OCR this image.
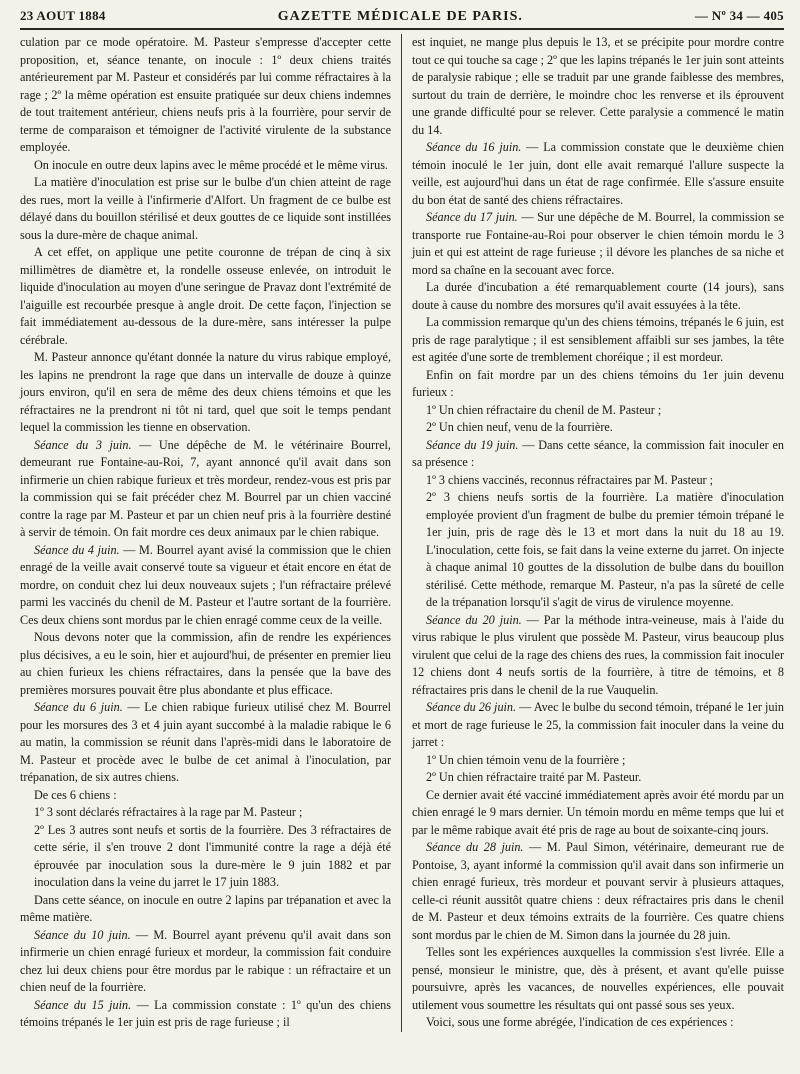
23 AOUT 1884	GAZETTE MÉDICALE DE PARIS.	— Nº 34 — 405

culation par ce mode opératoire. M. Pasteur s'empresse d'accepter cette proposition, et, séance tenante, on inocule : 1º deux chiens traités antérieurement par M. Pasteur et considérés par lui comme réfractaires à la rage ; 2º la même opération est ensuite pratiquée sur deux chiens indemnes de tout traitement antérieur, chiens neufs pris à la fourrière, pour servir de terme de comparaison et témoigner de l'activité virulente de la substance employée.

On inocule en outre deux lapins avec le même procédé et le même virus.

La matière d'inoculation est prise sur le bulbe d'un chien atteint de rage des rues, mort la veille à l'infirmerie d'Alfort. Un fragment de ce bulbe est délayé dans du bouillon stérilisé et deux gouttes de ce liquide sont instillées sous la dure-mère de chaque animal.

A cet effet, on applique une petite couronne de trépan de cinq à six millimètres de diamètre et, la rondelle osseuse enlevée, on introduit le liquide d'inoculation au moyen d'une seringue de Pravaz dont l'extrémité de l'aiguille est recourbée presque à angle droit. De cette façon, l'injection se fait immédiatement au-dessous de la dure-mère, sans intéresser la pulpe cérébrale.

M. Pasteur annonce qu'étant donnée la nature du virus rabique employé, les lapins ne prendront la rage que dans un intervalle de douze à quinze jours environ, qu'il en sera de même des deux chiens témoins et que les réfractaires ne la prendront ni tôt ni tard, quel que soit le temps pendant lequel la commission les tienne en observation.

Séance du 3 juin. — Une dépêche de M. le vétérinaire Bourrel, demeurant rue Fontaine-au-Roi, 7, ayant annoncé qu'il avait dans son infirmerie un chien rabique furieux et très mordeur, rendez-vous est pris par la commission qui se fait précéder chez M. Bourrel par un chien vacciné contre la rage par M. Pasteur et par un chien neuf pris à la fourrière destiné à servir de témoin. On fait mordre ces deux animaux par le chien rabique.

Séance du 4 juin. — M. Bourrel ayant avisé la commission que le chien enragé de la veille avait conservé toute sa vigueur et était encore en état de mordre, on conduit chez lui deux nouveaux sujets ; l'un réfractaire prélevé parmi les vaccinés du chenil de M. Pasteur et l'autre sortant de la fourrière. Ces deux chiens sont mordus par le chien enragé comme ceux de la veille.

Nous devons noter que la commission, afin de rendre les expériences plus décisives, a eu le soin, hier et aujourd'hui, de présenter en premier lieu au chien furieux les chiens réfractaires, dans la pensée que la bave des premières morsures pouvait être plus abondante et plus efficace.

Séance du 6 juin. — Le chien rabique furieux utilisé chez M. Bourrel pour les morsures des 3 et 4 juin ayant succombé à la maladie rabique le 6 au matin, la commission se réunit dans l'après-midi dans le laboratoire de M. Pasteur et procède avec le bulbe de cet animal à l'inoculation, par trépanation, de six autres chiens.

De ces 6 chiens :

1º 3 sont déclarés réfractaires à la rage par M. Pasteur ;

2º Les 3 autres sont neufs et sortis de la fourrière. Des 3 réfractaires de cette série, il s'en trouve 2 dont l'immunité contre la rage a déjà été éprouvée par inoculation sous la dure-mère le 9 juin 1882 et par inoculation dans la veine du jarret le 17 juin 1883.

Dans cette séance, on inocule en outre 2 lapins par trépanation et avec la même matière.

Séance du 10 juin. — M. Bourrel ayant prévenu qu'il avait dans son infirmerie un chien enragé furieux et mordeur, la commission fait conduire chez lui deux chiens pour être mordus par le rabique : un réfractaire et un chien neuf de la fourrière.

Séance du 15 juin. — La commission constate : 1º qu'un des chiens témoins trépanés le 1er juin est pris de rage furieuse ; il

est inquiet, ne mange plus depuis le 13, et se précipite pour mordre contre tout ce qui touche sa cage ; 2º que les lapins trépanés le 1er juin sont atteints de paralysie rabique ; elle se traduit par une grande faiblesse des membres, surtout du train de derrière, le moindre choc les renverse et ils éprouvent une grande difficulté pour se relever. Cette paralysie a commencé le matin du 14.

Séance du 16 juin. — La commission constate que le deuxième chien témoin inoculé le 1er juin, dont elle avait remarqué l'allure suspecte la veille, est aujourd'hui dans un état de rage confirmée. Elle s'assure ensuite du bon état de santé des chiens réfractaires.

Séance du 17 juin. — Sur une dépêche de M. Bourrel, la commission se transporte rue Fontaine-au-Roi pour observer le chien témoin mordu le 3 juin et qui est atteint de rage furieuse ; il dévore les planches de sa niche et mord sa chaîne en la secouant avec force.

La durée d'incubation a été remarquablement courte (14 jours), sans doute à cause du nombre des morsures qu'il avait essuyées à la tête.

La commission remarque qu'un des chiens témoins, trépanés le 6 juin, est pris de rage paralytique ; il est sensiblement affaibli sur ses jambes, la tête est agitée d'une sorte de tremblement choréique ; il est mordeur.

Enfin on fait mordre par un des chiens témoins du 1er juin devenu furieux :

1º Un chien réfractaire du chenil de M. Pasteur ;

2º Un chien neuf, venu de la fourrière.

Séance du 19 juin. — Dans cette séance, la commission fait inoculer en sa présence :

1º 3 chiens vaccinés, reconnus réfractaires par M. Pasteur ;

2º 3 chiens neufs sortis de la fourrière. La matière d'inoculation employée provient d'un fragment de bulbe du premier témoin trépané le 1er juin, pris de rage dès le 13 et mort dans la nuit du 18 au 19. L'inoculation, cette fois, se fait dans la veine externe du jarret. On injecte à chaque animal 10 gouttes de la dissolution de bulbe dans du bouillon stérilisé. Cette méthode, remarque M. Pasteur, n'a pas la sûreté de celle de la trépanation lorsqu'il s'agit de virus de virulence moyenne.

Séance du 20 juin. — Par la méthode intra-veineuse, mais à l'aide du virus rabique le plus virulent que possède M. Pasteur, virus beaucoup plus virulent que celui de la rage des chiens des rues, la commission fait inoculer 12 chiens dont 4 neufs sortis de la fourrière, à titre de témoins, et 8 réfractaires pris dans le chenil de la rue Vauquelin.

Séance du 26 juin. — Avec le bulbe du second témoin, trépané le 1er juin et mort de rage furieuse le 25, la commission fait inoculer dans la veine du jarret :

1º Un chien témoin venu de la fourrière ;

2º Un chien réfractaire traité par M. Pasteur.

Ce dernier avait été vacciné immédiatement après avoir été mordu par un chien enragé le 9 mars dernier. Un témoin mordu en même temps que lui et par le même rabique avait été pris de rage au bout de soixante-cinq jours.

Séance du 28 juin. — M. Paul Simon, vétérinaire, demeurant rue de Pontoise, 3, ayant informé la commission qu'il avait dans son infirmerie un chien enragé furieux, très mordeur et pouvant servir à plusieurs attaques, celle-ci réunit aussitôt quatre chiens : deux réfractaires pris dans le chenil de M. Pasteur et deux témoins extraits de la fourrière. Ces quatre chiens sont mordus par le chien de M. Simon dans la journée du 28 juin.

Telles sont les expériences auxquelles la commission s'est livrée. Elle a pensé, monsieur le ministre, que, dès à présent, et avant qu'elle puisse poursuivre, après les vacances, de nouvelles expériences, elle pouvait utilement vous soumettre les résultats qui ont passé sous ses yeux.

Voici, sous une forme abrégée, l'indication de ces expériences :
